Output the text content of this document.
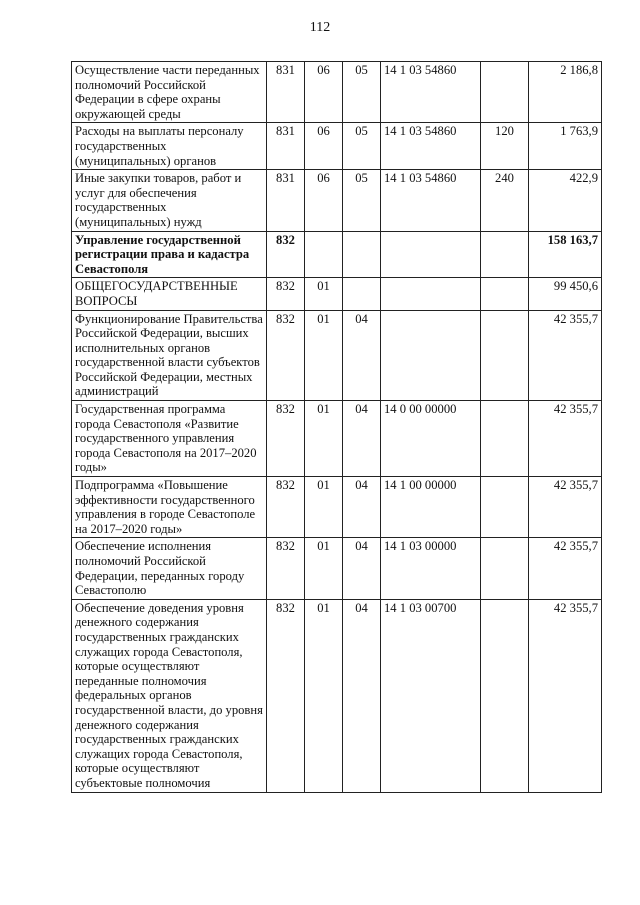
112
Осуществление части переданных полномочий Российской Федерации в сфере охраны окружающей среды	831	06	05	14 1 03 54860		2 186,8
Расходы на выплаты персоналу государственных (муниципальных) органов	831	06	05	14 1 03 54860	120	1 763,9
Иные закупки товаров, работ и услуг для обеспечения государственных (муниципальных) нужд	831	06	05	14 1 03 54860	240	422,9
Управление государственной регистрации права и кадастра Севастополя	832					158 163,7
ОБЩЕГОСУДАРСТВЕННЫЕ ВОПРОСЫ	832	01				99 450,6
Функционирование Правительства Российской Федерации, высших исполнительных органов государственной власти субъектов Российской Федерации, местных администраций	832	01	04			42 355,7
Государственная программа города Севастополя «Развитие государственного управления города Севастополя на 2017–2020 годы»	832	01	04	14 0 00 00000		42 355,7
Подпрограмма «Повышение эффективности государственного управления в городе Севастополе на 2017–2020 годы»	832	01	04	14 1 00 00000		42 355,7
Обеспечение исполнения полномочий Российской Федерации, переданных городу Севастополю	832	01	04	14 1 03 00000		42 355,7
Обеспечение доведения уровня денежного содержания государственных гражданских служащих города Севастополя, которые осуществляют переданные полномочия федеральных органов государственной власти, до уровня денежного содержания государственных гражданских служащих города Севастополя, которые осуществляют субъектовые полномочия	832	01	04	14 1 03 00700		42 355,7
